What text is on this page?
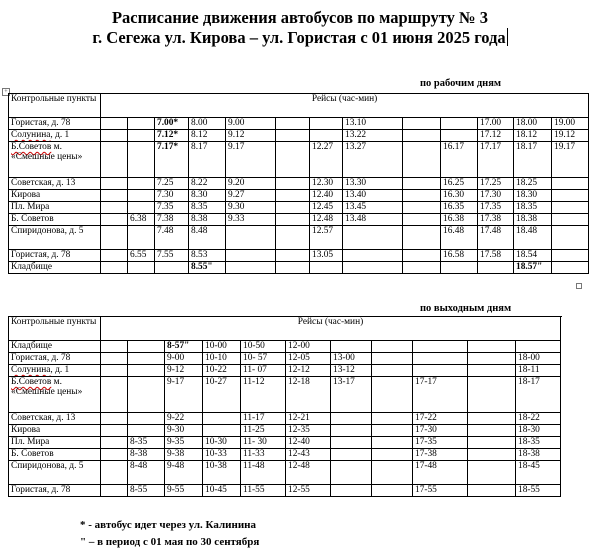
Расписание движения автобусов по маршруту № 3
г. Сегежа ул. Кирова – ул. Гористая с 01 июня 2025 года
+
по рабочим дням
Контрольные пункты	Рейсы (час-мин)												
Гористая, д. 78			7.00*	8.00	9.00			13.10			17.00	18.00	19.00
Солунина, д. 1			7.12*	8.12	9.12			13.22			17.12	18.12	19.12
Б.Советов м. «Смешные цены»			7.17*	8.17	9.17		12.27	13.27		16.17	17.17	18.17	19.17
Советская, д. 13			7.25	8.22	9.20		12.30	13.30		16.25	17.25	18.25	
Кирова			7.30	8.30	9.27		12.40	13.40		16.30	17.30	18.30	
Пл. Мира			7.35	8.35	9.30		12.45	13.45		16.35	17.35	18.35	
Б. Советов		6.38	7.38	8.38	9.33		12.48	13.48		16.38	17.38	18.38	
Спиридонова, д. 5			7.48	8.48			12.57			16.48	17.48	18.48	
Гористая, д. 78		6.55	7.55	8.53			13.05			16.58	17.58	18.54	
Кладбище				8.55"								18.57"	
по выходным дням
Контрольные пункты	Рейсы (час-мин)											
Кладбище			8-57"	10-00	10-50	12-00						
Гористая, д. 78			9-00	10-10	10- 57	12-05	13-00				18-00	
Солунина, д. 1			9-12	10-22	11- 07	12-12	13-12				18-11	
Б.Советов м. «Смешные цены»			9-17	10-27	11-12	12-18	13-17		17-17		18-17	
Советская, д. 13			9-22		11-17	12-21			17-22		18-22	
Кирова			9-30		11-25	12-35			17-30		18-30	
Пл. Мира		8-35	9-35	10-30	11- 30	12-40			17-35		18-35	
Б. Советов		8-38	9-38	10-33	11-33	12-43			17-38		18-38	
Спиридонова, д. 5		8-48	9-48	10-38	11-48	12-48			17-48		18-45	
Гористая, д. 78		8-55	9-55	10-45	11-55	12-55			17-55		18-55	
* - автобус идет через ул. Калинина
" – в период с 01 мая по 30 сентября
